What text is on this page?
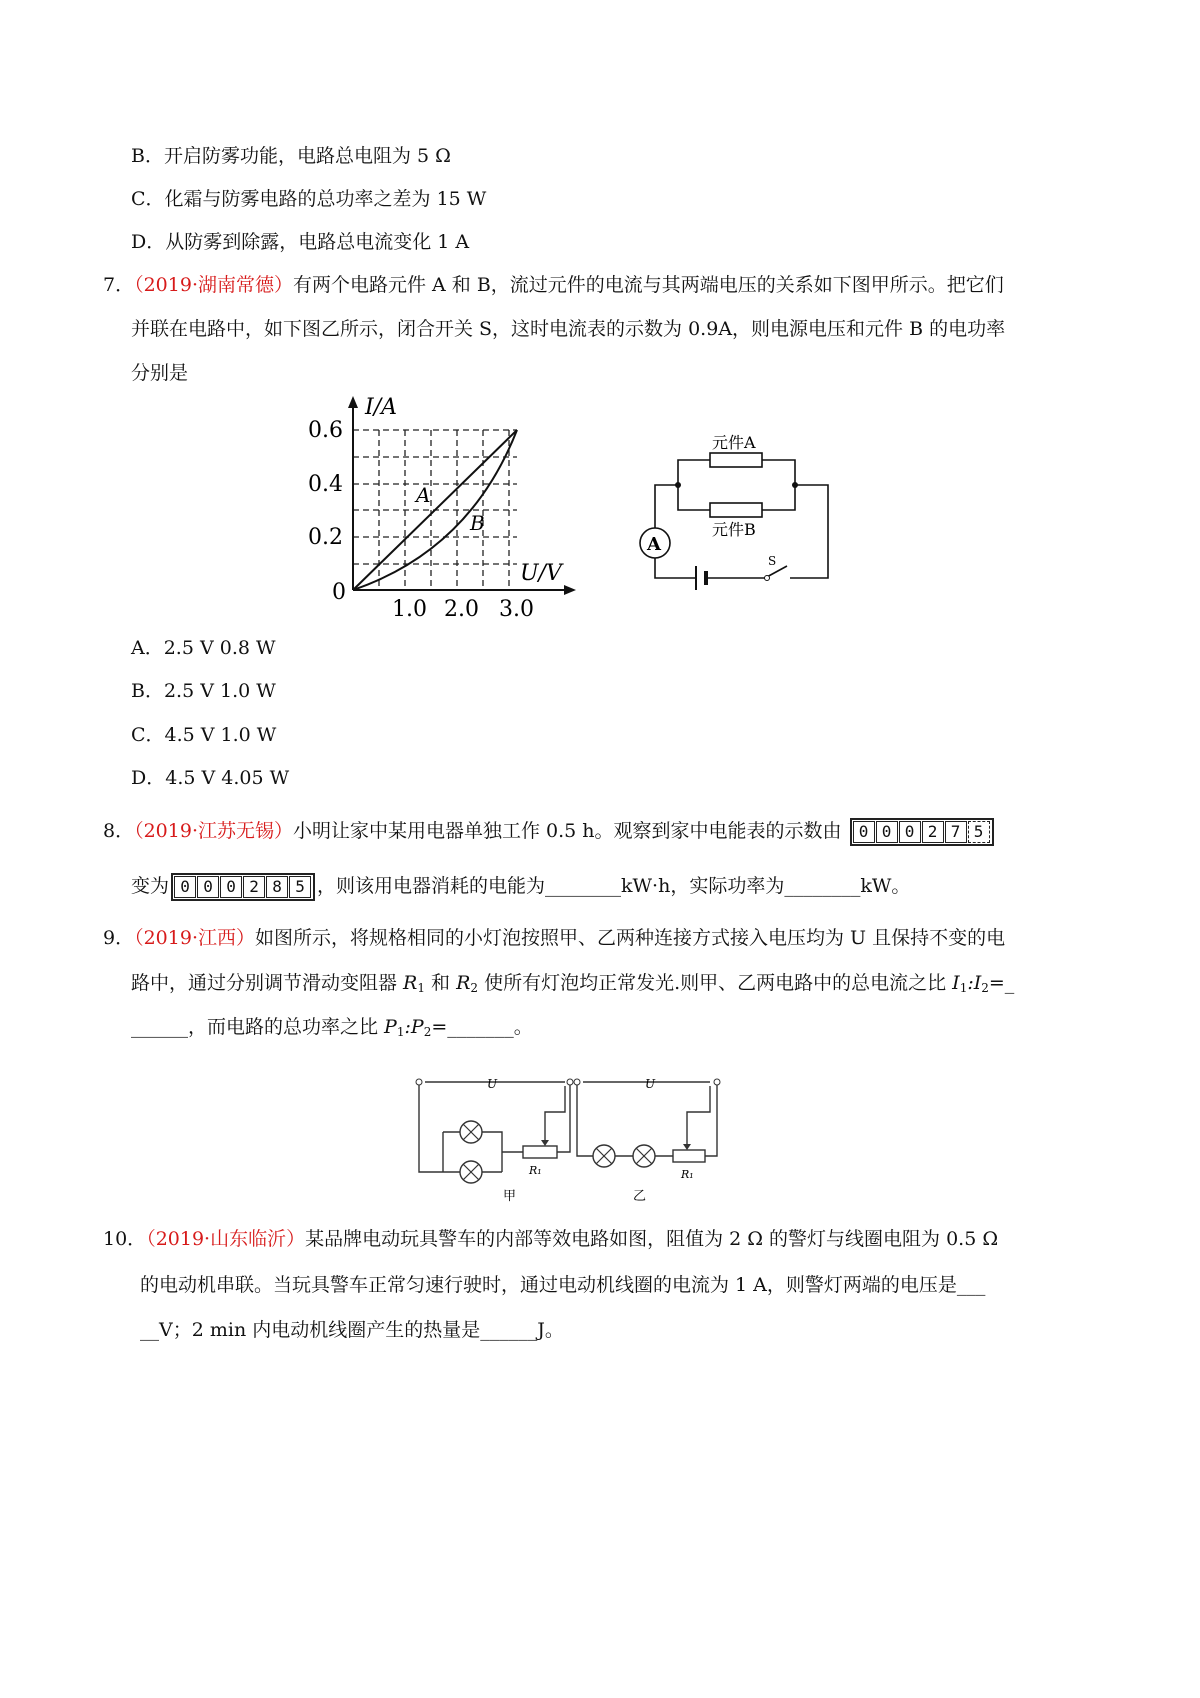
B．开启防雾功能，电路总电阻为 5 Ω
C．化霜与防雾电路的总功率之差为 15 W
D．从防雾到除露，电路总电流变化 1 A
7．（2019·湖南常德）有两个电路元件 A 和 B，流过元件的电流与其两端电压的关系如下图甲所示。把它们
并联在电路中，如下图乙所示，闭合开关 S，这时电流表的示数为 0.9A，则电源电压和元件 B 的电功率
分别是
I/A
U/V
0
0.2
0.4
0.6
1.0 2.0 3.0
A
B
元件A
元件B
A
S
A．2.5 V 0.8 W
B．2.5 V 1.0 W
C．4.5 V 1.0 W
D．4.5 V 4.05 W
8．（2019·江苏无锡）小明让家中某用电器单独工作 0.5 h。观察到家中电能表的示数由	0 0 0 2 7 5
变为 0 0 0 2 8 5 ，则该用电器消耗的电能为________kW·h，实际功率为________kW。
9．（2019·江西）如图所示，将规格相同的小灯泡按照甲、乙两种连接方式接入电压均为 U 且保持不变的电
路中，通过分别调节滑动变阻器 $R_1$ 和 $R_2$ 使所有灯泡均正常发光.则甲、乙两电路中的总电流之比 $I_1:I_2=\_$
______，而电路的总功率之比 $P_1:P_2=\_\_\_\_\_\_\_$。
U	U
R₁	R₁
甲	乙
10．（2019·山东临沂）某品牌电动玩具警车的内部等效电路如图，阻值为 2 Ω 的警灯与线圈电阻为 0.5 Ω
的电动机串联。当玩具警车正常匀速行驶时，通过电动机线圈的电流为 1 A，则警灯两端的电压是___
__V；2 min 内电动机线圈产生的热量是______J。
